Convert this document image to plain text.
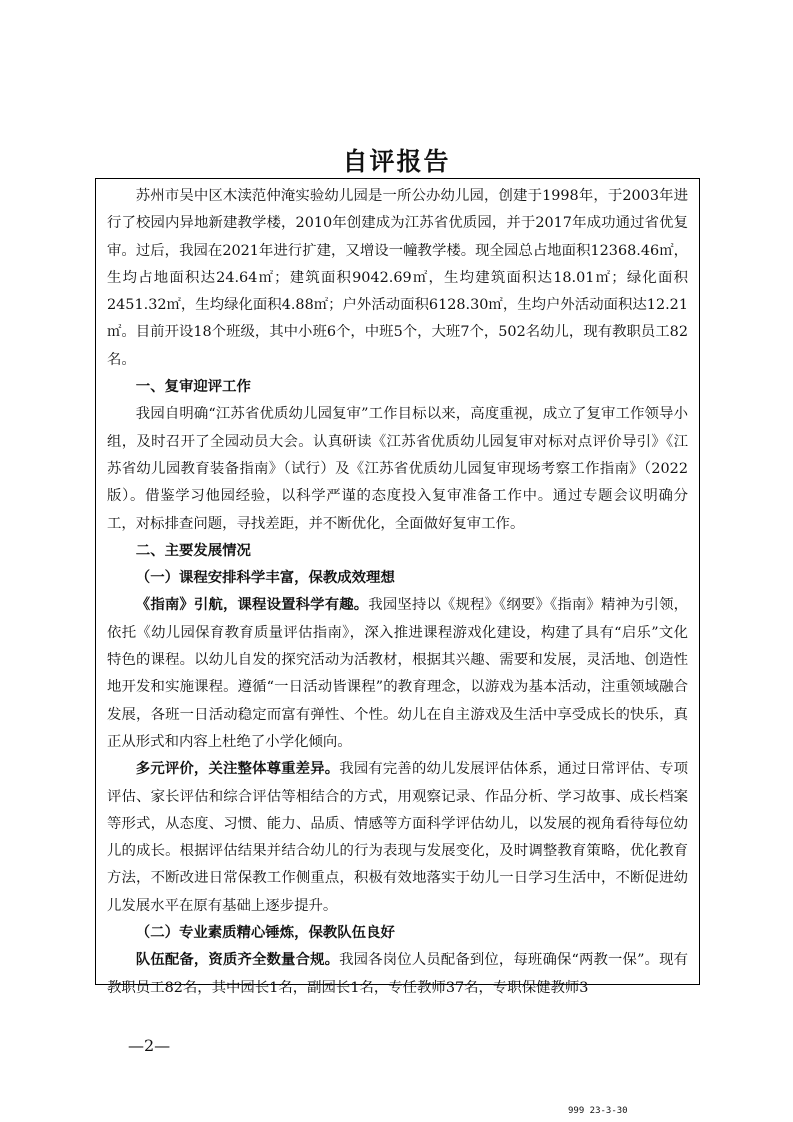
自评报告

苏州市吴中区木渎范仲淹实验幼儿园是一所公办幼儿园，创建于1998年，于2003年进行了校园内异地新建教学楼，2010年创建成为江苏省优质园，并于2017年成功通过省优复审。过后，我园在2021年进行扩建，又增设一幢教学楼。现全园总占地面积12368.46㎡，生均占地面积达24.64㎡；建筑面积9042.69㎡，生均建筑面积达18.01㎡；绿化面积2451.32㎡，生均绿化面积4.88㎡；户外活动面积6128.30㎡，生均户外活动面积达12.21㎡。目前开设18个班级，其中小班6个，中班5个，大班7个，502名幼儿，现有教职员工82名。

一、复审迎评工作

我园自明确“江苏省优质幼儿园复审”工作目标以来，高度重视，成立了复审工作领导小组，及时召开了全园动员大会。认真研读《江苏省优质幼儿园复审对标对点评价导引》《江苏省幼儿园教育装备指南》（试行）及《江苏省优质幼儿园复审现场考察工作指南》（2022版）。借鉴学习他园经验，以科学严谨的态度投入复审准备工作中。通过专题会议明确分工，对标排查问题，寻找差距，并不断优化，全面做好复审工作。

二、主要发展情况

（一）课程安排科学丰富，保教成效理想

《指南》引航，课程设置科学有趣。我园坚持以《规程》《纲要》《指南》精神为引领，依托《幼儿园保育教育质量评估指南》，深入推进课程游戏化建设，构建了具有“启乐”文化特色的课程。以幼儿自发的探究活动为活教材，根据其兴趣、需要和发展，灵活地、创造性地开发和实施课程。遵循“一日活动皆课程”的教育理念，以游戏为基本活动，注重领域融合发展，各班一日活动稳定而富有弹性、个性。幼儿在自主游戏及生活中享受成长的快乐，真正从形式和内容上杜绝了小学化倾向。

多元评价，关注整体尊重差异。我园有完善的幼儿发展评估体系，通过日常评估、专项评估、家长评估和综合评估等相结合的方式，用观察记录、作品分析、学习故事、成长档案等形式，从态度、习惯、能力、品质、情感等方面科学评估幼儿，以发展的视角看待每位幼儿的成长。根据评估结果并结合幼儿的行为表现与发展变化，及时调整教育策略，优化教育方法，不断改进日常保教工作侧重点，积极有效地落实于幼儿一日学习生活中，不断促进幼儿发展水平在原有基础上逐步提升。

（二）专业素质精心锤炼，保教队伍良好

队伍配备，资质齐全数量合规。我园各岗位人员配备到位，每班确保“两教一保”。现有教职员工82名，其中园长1名，副园长1名，专任教师37名，专职保健教师3

—2—
999 23-3-30
